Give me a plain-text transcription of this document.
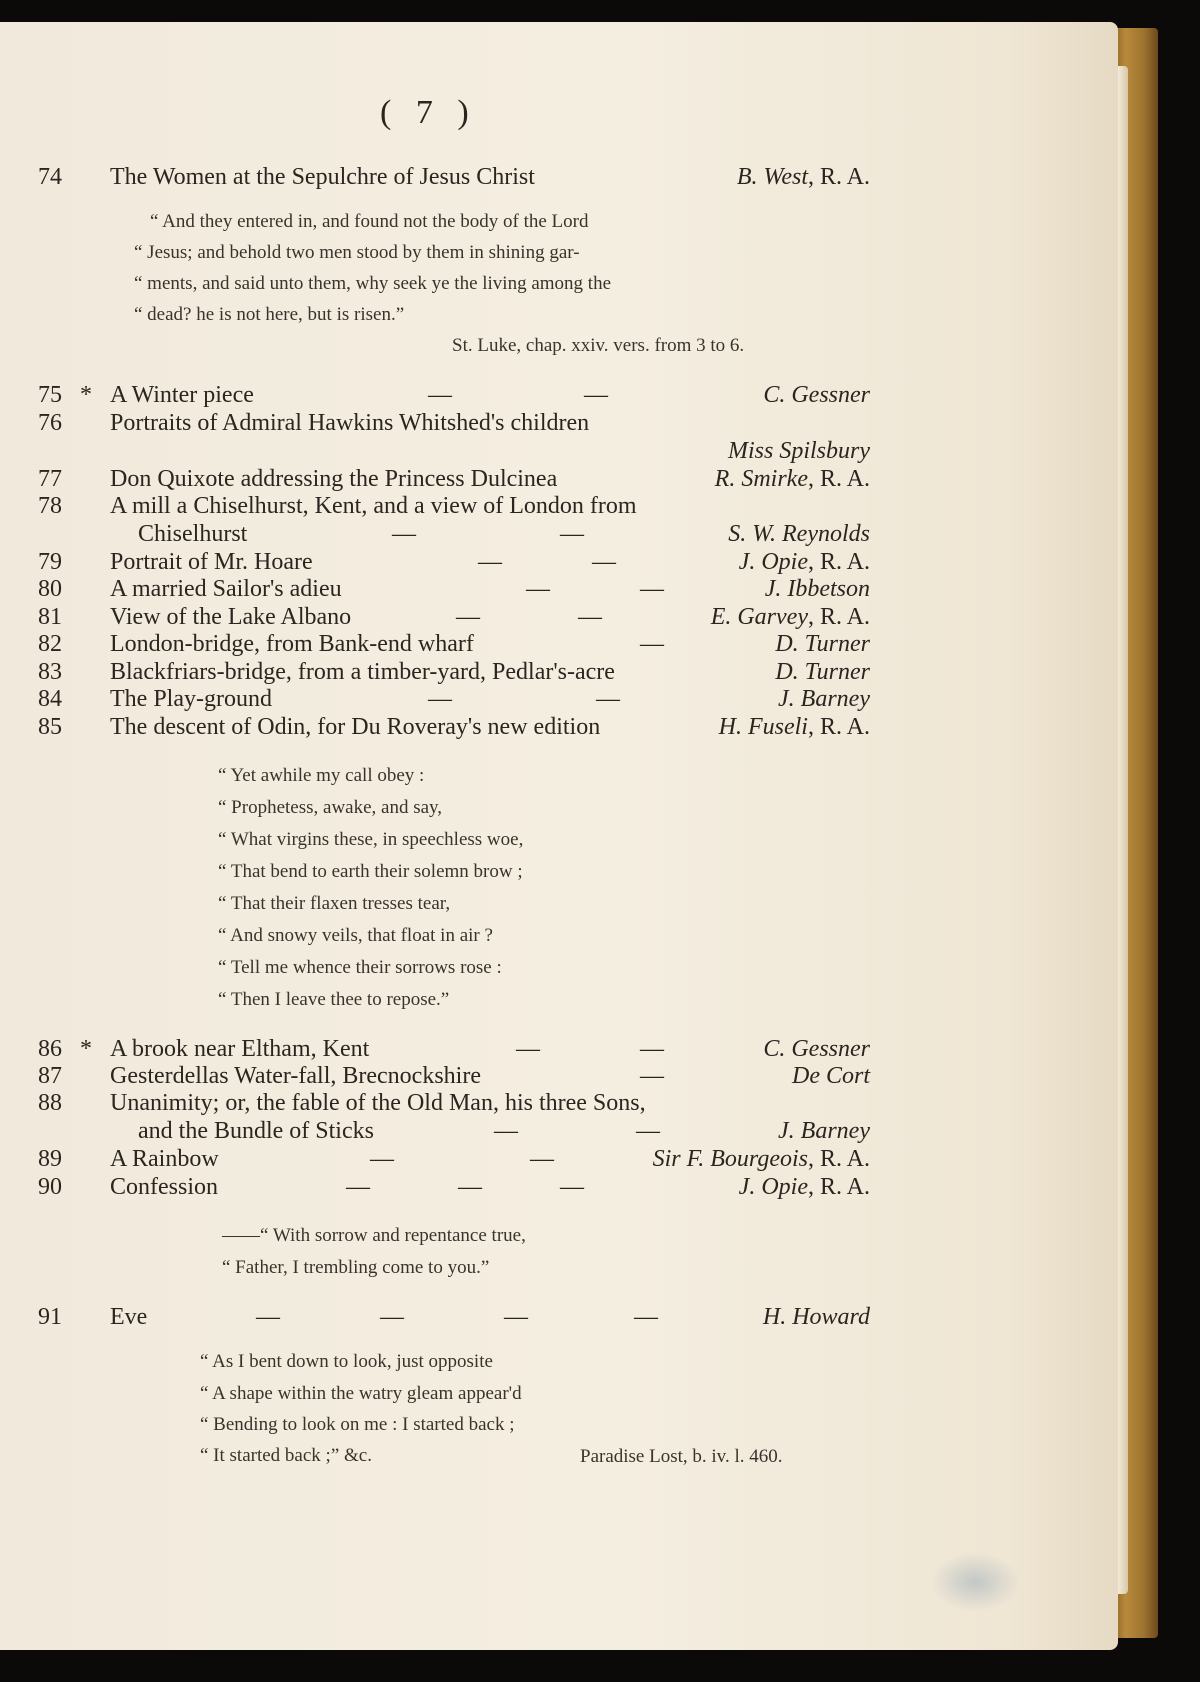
( 7 )
74	The Women at the Sepulchre of Jesus Christ	B. West, R. A.
“ And they entered in, and found not the body of the Lord
“ Jesus; and behold two men stood by them in shining gar-
“ ments, and said unto them, why seek ye the living among the
“ dead? he is not here, but is risen.”
St. Luke, chap. xxiv. vers. from 3 to 6.
75 * A Winter piece	—	—	C. Gessner
76	Portraits of Admiral Hawkins Whitshed's children
Miss Spilsbury
77	Don Quixote addressing the Princess Dulcinea	R. Smirke, R. A.
78	A mill a Chiselhurst, Kent, and a view of London from
Chiselhurst	—	—	S. W. Reynolds
79	Portrait of Mr. Hoare	—	—	J. Opie, R. A.
80	A married Sailor's adieu	—	—	J. Ibbetson
81	View of the Lake Albano	—	—	E. Garvey, R. A.
82	London-bridge, from Bank-end wharf	—	D. Turner
83	Blackfriars-bridge, from a timber-yard, Pedlar's-acre	D. Turner
84	The Play-ground	—	—	J. Barney
85	The descent of Odin, for Du Roveray's new edition	H. Fuseli, R. A.
“ Yet awhile my call obey :
“ Prophetess, awake, and say,
“ What virgins these, in speechless woe,
“ That bend to earth their solemn brow ;
“ That their flaxen tresses tear,
“ And snowy veils, that float in air ?
“ Tell me whence their sorrows rose :
“ Then I leave thee to repose.”
86 * A brook near Eltham, Kent	—	—	C. Gessner
87	Gesterdellas Water-fall, Brecnockshire	—	De Cort
88	Unanimity; or, the fable of the Old Man, his three Sons,
and the Bundle of Sticks	—	—	J. Barney
89	A Rainbow	—	—	Sir F. Bourgeois, R. A.
90	Confession	—	—	—	J. Opie, R. A.
——“ With sorrow and repentance true,
“ Father, I trembling come to you.”
91	Eve	—	—	—	—	H. Howard
“ As I bent down to look, just opposite
“ A shape within the watry gleam appear'd
“ Bending to look on me : I started back ;
“ It started back ;” &c.	Paradise Lost, b. iv. l. 460.
